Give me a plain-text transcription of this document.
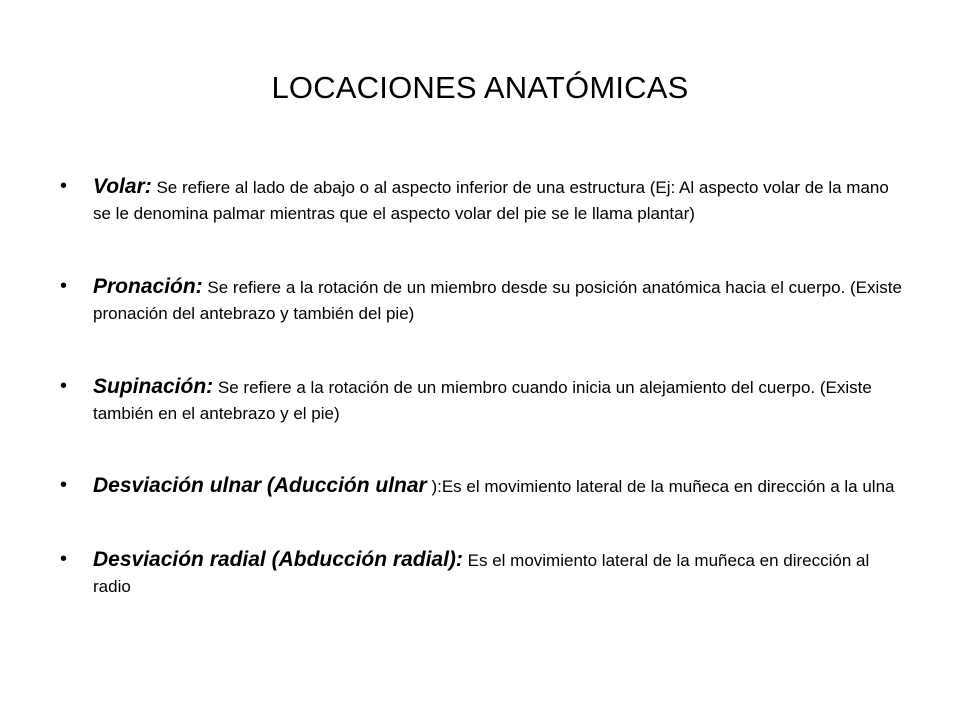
LOCACIONES ANATÓMICAS
• Volar: Se refiere al lado de abajo o al aspecto inferior de una estructura (Ej: Al aspecto volar de la mano se le denomina palmar mientras que el aspecto volar del pie se le llama plantar)
• Pronación: Se refiere a la rotación de un miembro desde su posición anatómica hacia el cuerpo. (Existe pronación del antebrazo y también del pie)
• Supinación: Se refiere a la rotación de un miembro cuando inicia un alejamiento del cuerpo. (Existe también en el antebrazo y el pie)
• Desviación ulnar (Aducción ulnar ):Es el movimiento lateral de la muñeca en dirección a la ulna
• Desviación radial (Abducción radial): Es el movimiento lateral de la muñeca en dirección al radio
